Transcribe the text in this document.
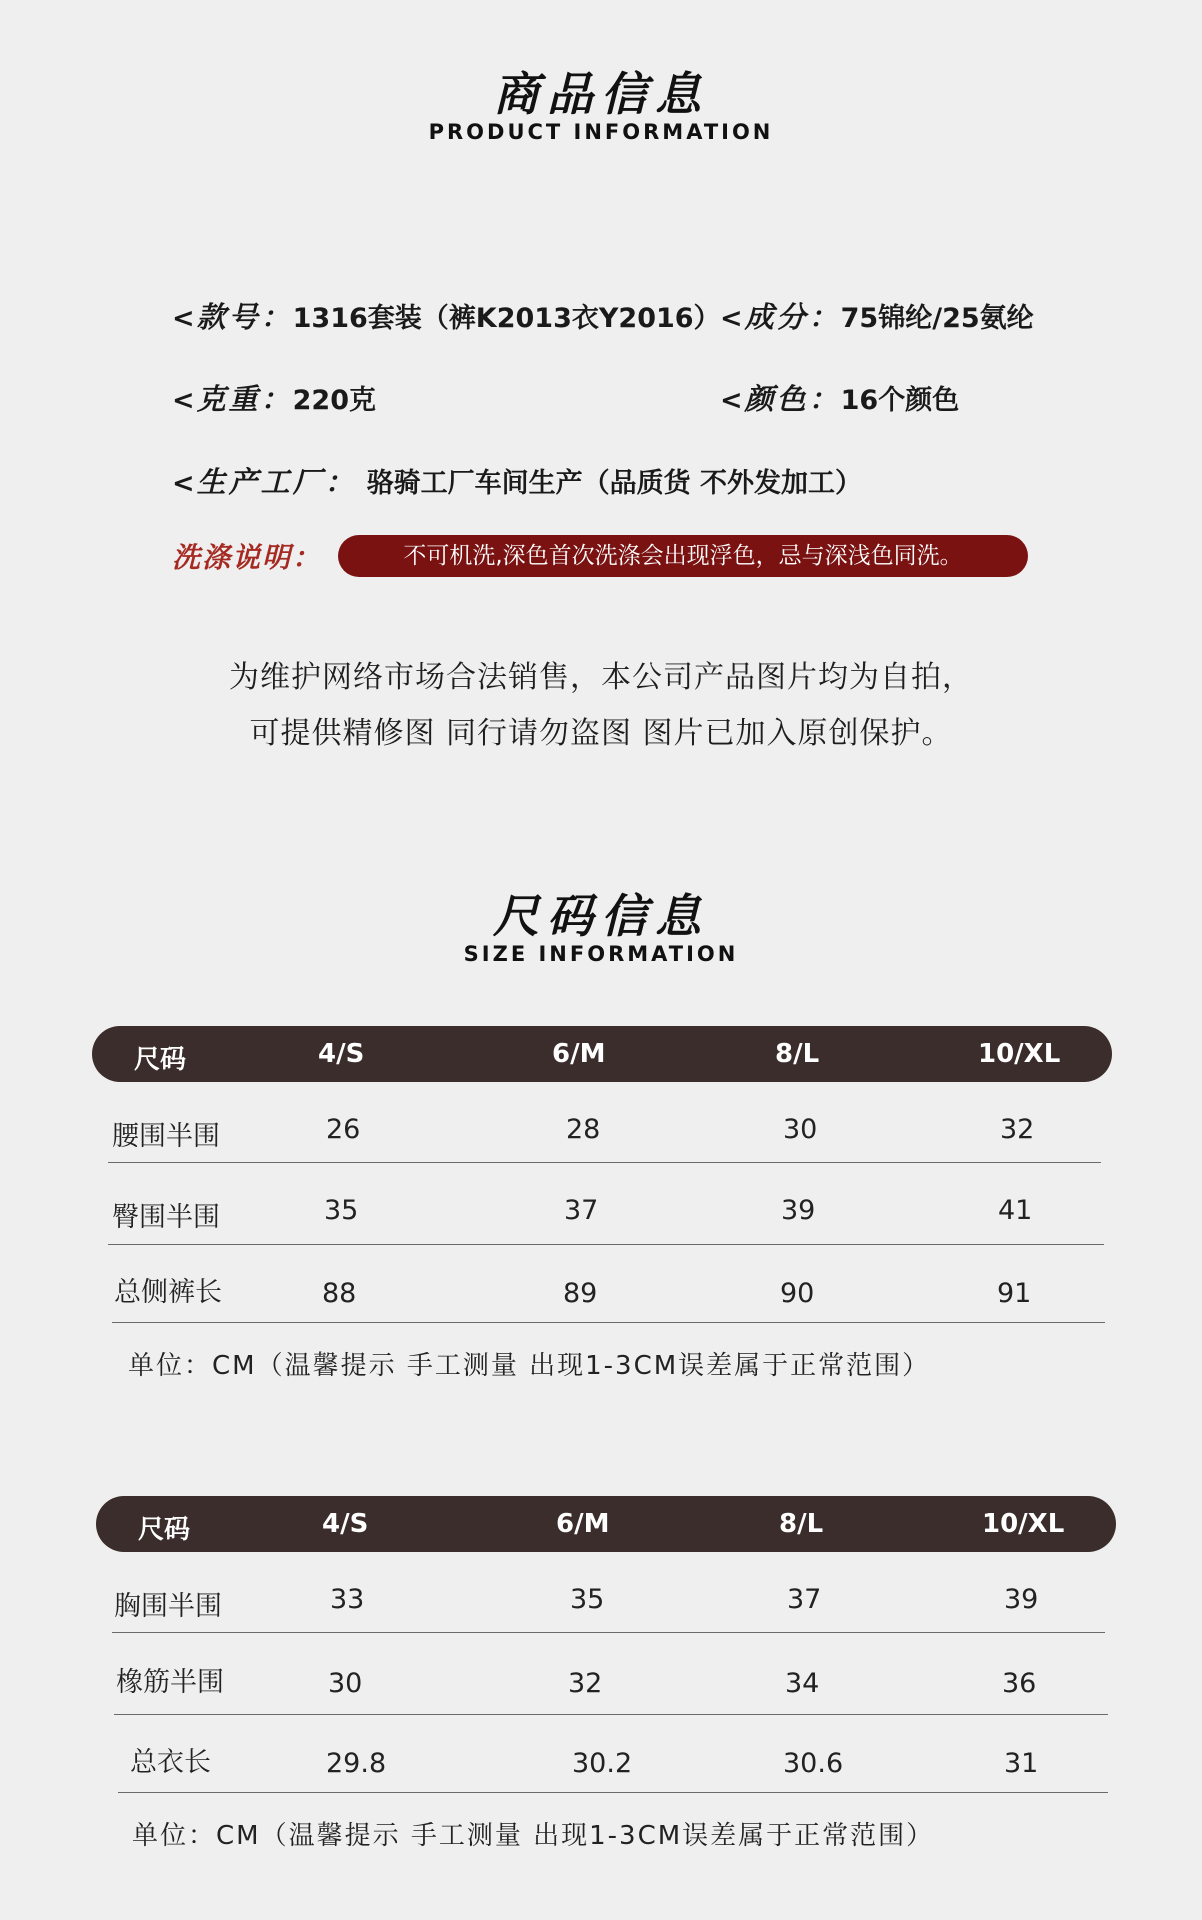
商品信息
PRODUCT INFORMATION
<款号：1316套装（裤K2013衣Y2016） <成分：75锦纶/25氨纶
<克重：220克	<颜色：16个颜色
<生产工厂： 骆骑工厂车间生产（品质货 不外发加工）
洗涤说明：	不可机洗,深色首次洗涤会出现浮色，忌与深浅色同洗。
为维护网络市场合法销售，本公司产品图片均为自拍，
可提供精修图 同行请勿盗图 图片已加入原创保护。
尺码信息
SIZE INFORMATION
尺码	4/S	6/M	8/L	10/XL
腰围半围	26	28	30	32
臀围半围	35	37	39	41
总侧裤长	88	89	90	91
单位：CM（温馨提示 手工测量 出现1-3CM误差属于正常范围）
尺码	4/S	6/M	8/L	10/XL
胸围半围	33	35	37	39
橡筋半围	30	32	34	36
总衣长	29.8	30.2	30.6	31
单位：CM（温馨提示 手工测量 出现1-3CM误差属于正常范围）
